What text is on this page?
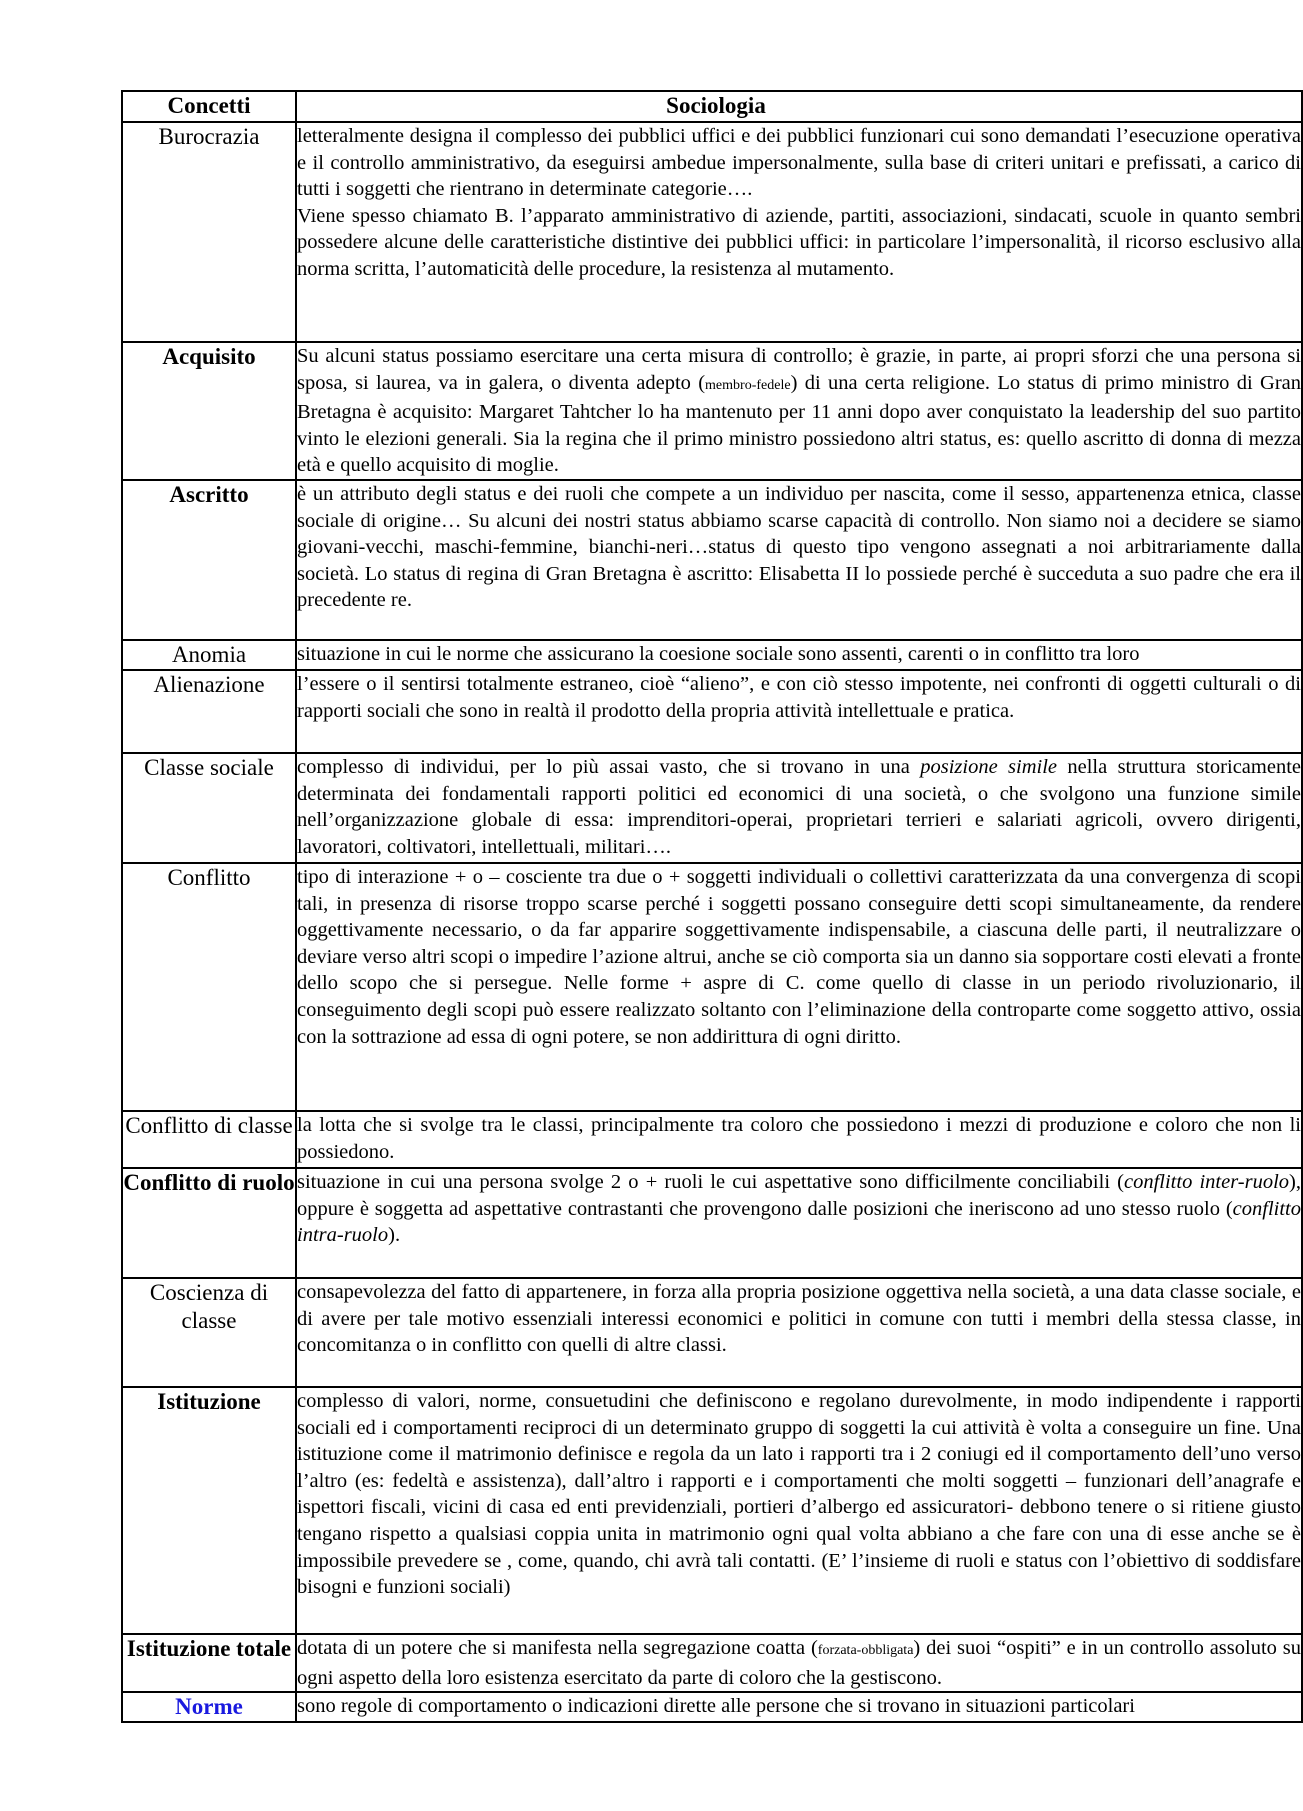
Concetti	Sociologia
Burocrazia	letteralmente designa il complesso dei pubblici uffici e dei pubblici funzionari cui sono demandati l’esecuzione operativa e il controllo amministrativo, da eseguirsi ambedue impersonalmente, sulla base di criteri unitari e prefissati, a carico di tutti i soggetti che rientrano in determinate categorie….

Viene spesso chiamato B. l’apparato amministrativo di aziende, partiti, associazioni, sindacati, scuole in quanto sembri possedere alcune delle caratteristiche distintive dei pubblici uffici: in particolare l’impersonalità, il ricorso esclusivo alla norma scritta, l’automaticità delle procedure, la resistenza al mutamento.

Acquisito	Su alcuni status possiamo esercitare una certa misura di controllo; è grazie, in parte, ai propri sforzi che una persona si sposa, si laurea, va in galera, o diventa adepto (membro-fedele) di una certa religione. Lo status di primo ministro di Gran Bretagna è acquisito: Margaret Tahtcher lo ha mantenuto per 11 anni dopo aver conquistato la leadership del suo partito vinto le elezioni generali. Sia la regina che il primo ministro possiedono altri status, es: quello ascritto di donna di mezza età e quello acquisito di moglie.
Ascritto	è un attributo degli status e dei ruoli che compete a un individuo per nascita, come il sesso, appartenenza etnica, classe sociale di origine… Su alcuni dei nostri status abbiamo scarse capacità di controllo. Non siamo noi a decidere se siamo giovani-vecchi, maschi-femmine, bianchi-neri…status di questo tipo vengono assegnati a noi arbitrariamente dalla società. Lo status di regina di Gran Bretagna è ascritto: Elisabetta II lo possiede perché è succeduta a suo padre che era il precedente re.
Anomia	situazione in cui le norme che assicurano la coesione sociale sono assenti, carenti o in conflitto tra loro
Alienazione	l’essere o il sentirsi totalmente estraneo, cioè “alieno”, e con ciò stesso impotente, nei confronti di oggetti culturali o di rapporti sociali che sono in realtà il prodotto della propria attività intellettuale e pratica.
Classe sociale	complesso di individui, per lo più assai vasto, che si trovano in una posizione simile nella struttura storicamente determinata dei fondamentali rapporti politici ed economici di una società, o che svolgono una funzione simile nell’organizzazione globale di essa: imprenditori-operai, proprietari terrieri e salariati agricoli, ovvero dirigenti, lavoratori, coltivatori, intellettuali, militari….
Conflitto	tipo di interazione + o – cosciente tra due o + soggetti individuali o collettivi caratterizzata da una convergenza di scopi tali, in presenza di risorse troppo scarse perché i soggetti possano conseguire detti scopi simultaneamente, da rendere oggettivamente necessario, o da far apparire soggettivamente indispensabile, a ciascuna delle parti, il neutralizzare o deviare verso altri scopi o impedire l’azione altrui, anche se ciò comporta sia un danno sia sopportare costi elevati a fronte dello scopo che si persegue. Nelle forme + aspre di C. come quello di classe in un periodo rivoluzionario, il conseguimento degli scopi può essere realizzato soltanto con l’eliminazione della controparte come soggetto attivo, ossia con la sottrazione ad essa di ogni potere, se non addirittura di ogni diritto.
Conflitto di classe	la lotta che si svolge tra le classi, principalmente tra coloro che possiedono i mezzi di produzione e coloro che non li possiedono.
Conflitto di ruolo	situazione in cui una persona svolge 2 o + ruoli le cui aspettative sono difficilmente conciliabili (conflitto inter-ruolo), oppure è soggetta ad aspettative contrastanti che provengono dalle posizioni che ineriscono ad uno stesso ruolo (conflitto intra-ruolo).
Coscienza di classe	consapevolezza del fatto di appartenere, in forza alla propria posizione oggettiva nella società, a una data classe sociale, e di avere per tale motivo essenziali interessi economici e politici in comune con tutti i membri della stessa classe, in concomitanza o in conflitto con quelli di altre classi.
Istituzione	complesso di valori, norme, consuetudini che definiscono e regolano durevolmente, in modo indipendente i rapporti sociali ed i comportamenti reciproci di un determinato gruppo di soggetti la cui attività è volta a conseguire un fine. Una istituzione come il matrimonio definisce e regola da un lato i rapporti tra i 2 coniugi ed il comportamento dell’uno verso l’altro (es: fedeltà e assistenza), dall’altro i rapporti e i comportamenti che molti soggetti – funzionari dell’anagrafe e ispettori fiscali, vicini di casa ed enti previdenziali, portieri d’albergo ed assicuratori- debbono tenere o si ritiene giusto tengano rispetto a qualsiasi coppia unita in matrimonio ogni qual volta abbiano a che fare con una di esse anche se è impossibile prevedere se , come, quando, chi avrà tali contatti. (E’ l’insieme di ruoli e status con l’obiettivo di soddisfare bisogni e funzioni sociali)
Istituzione totale	dotata di un potere che si manifesta nella segregazione coatta (forzata-obbligata) dei suoi “ospiti” e in un controllo assoluto su ogni aspetto della loro esistenza esercitato da parte di coloro che la gestiscono.
Norme	sono regole di comportamento o indicazioni dirette alle persone che si trovano in situazioni particolari
